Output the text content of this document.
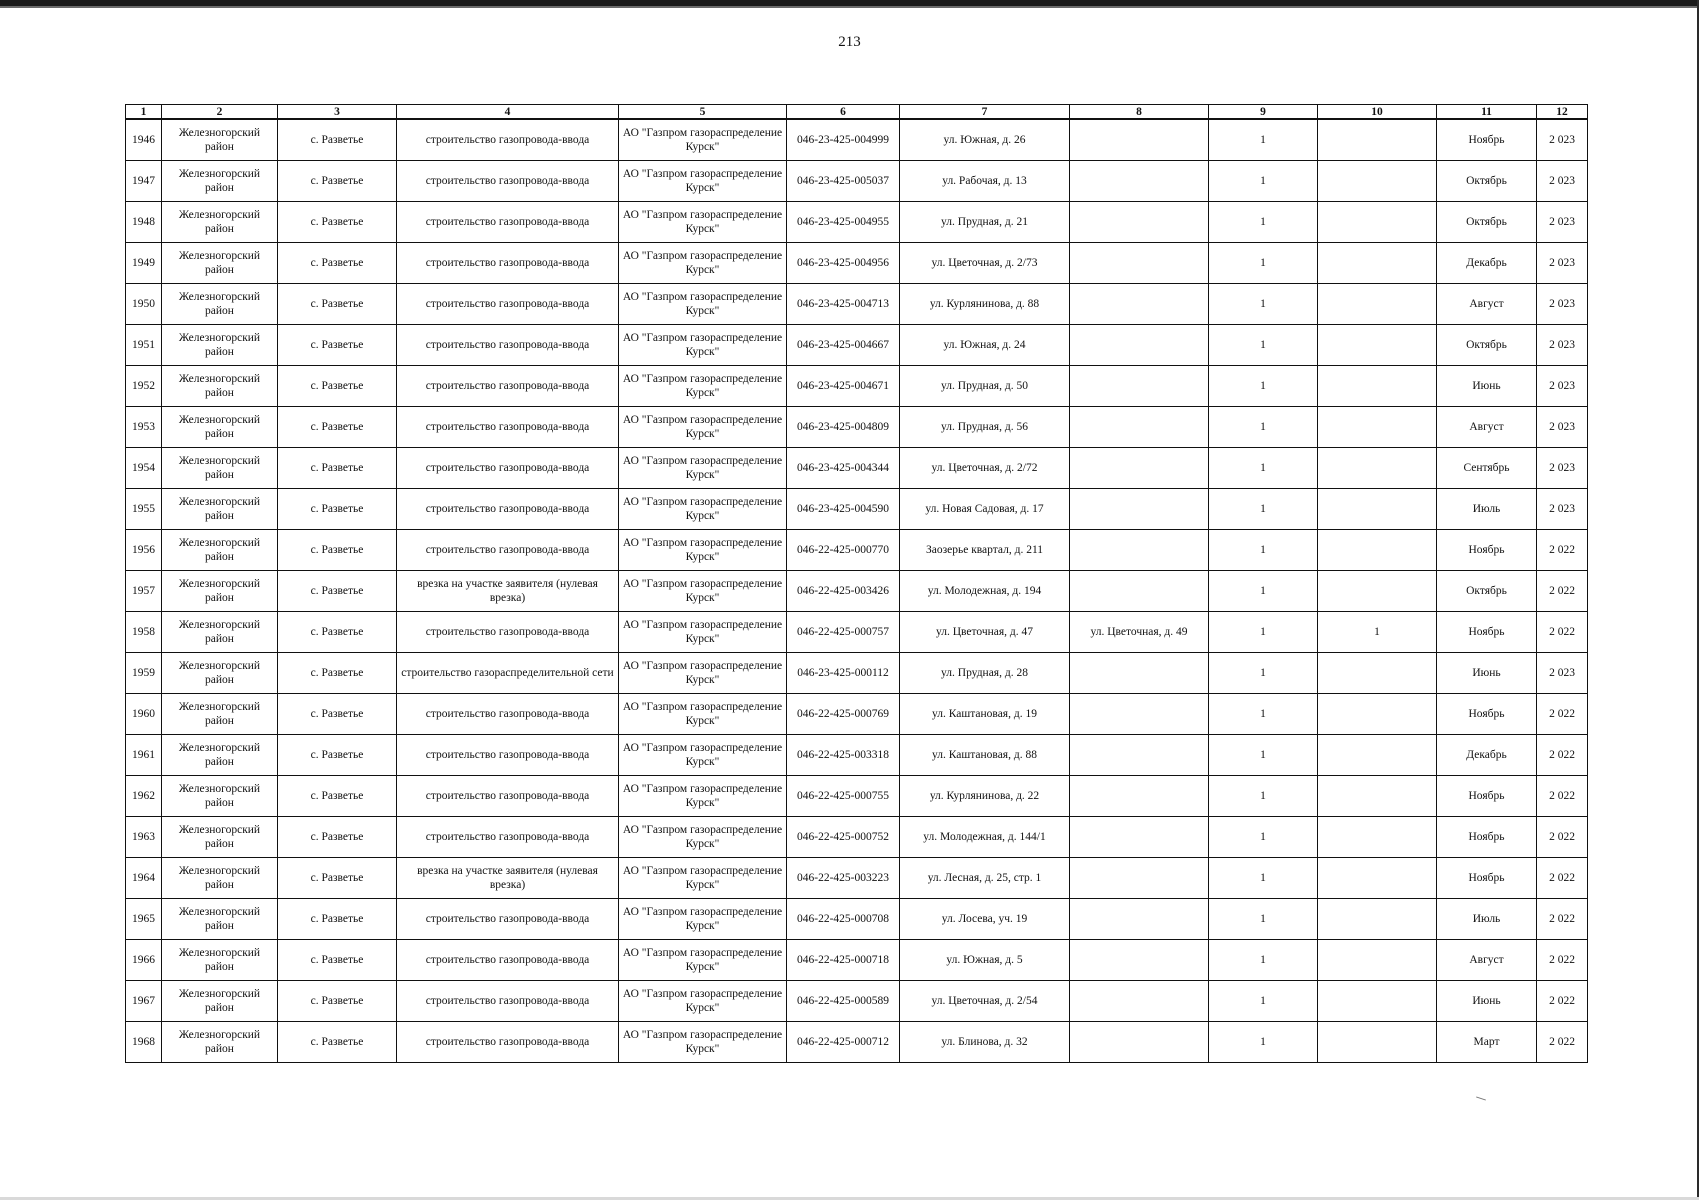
213
1	2	3	4	5	6	7	8	9	10	11	12
1946	Железногорский район	с. Разветье	строительство газопровода-ввода	АО "Газпром газораспределение Курск"	046-23-425-004999	ул. Южная, д. 26		1		Ноябрь	2 023
1947	Железногорский район	с. Разветье	строительство газопровода-ввода	АО "Газпром газораспределение Курск"	046-23-425-005037	ул. Рабочая, д. 13		1		Октябрь	2 023
1948	Железногорский район	с. Разветье	строительство газопровода-ввода	АО "Газпром газораспределение Курск"	046-23-425-004955	ул. Прудная, д. 21		1		Октябрь	2 023
1949	Железногорский район	с. Разветье	строительство газопровода-ввода	АО "Газпром газораспределение Курск"	046-23-425-004956	ул. Цветочная, д. 2/73		1		Декабрь	2 023
1950	Железногорский район	с. Разветье	строительство газопровода-ввода	АО "Газпром газораспределение Курск"	046-23-425-004713	ул. Курлянинова, д. 88		1		Август	2 023
1951	Железногорский район	с. Разветье	строительство газопровода-ввода	АО "Газпром газораспределение Курск"	046-23-425-004667	ул. Южная, д. 24		1		Октябрь	2 023
1952	Железногорский район	с. Разветье	строительство газопровода-ввода	АО "Газпром газораспределение Курск"	046-23-425-004671	ул. Прудная, д. 50		1		Июнь	2 023
1953	Железногорский район	с. Разветье	строительство газопровода-ввода	АО "Газпром газораспределение Курск"	046-23-425-004809	ул. Прудная, д. 56		1		Август	2 023
1954	Железногорский район	с. Разветье	строительство газопровода-ввода	АО "Газпром газораспределение Курск"	046-23-425-004344	ул. Цветочная, д. 2/72		1		Сентябрь	2 023
1955	Железногорский район	с. Разветье	строительство газопровода-ввода	АО "Газпром газораспределение Курск"	046-23-425-004590	ул. Новая Садовая, д. 17		1		Июль	2 023
1956	Железногорский район	с. Разветье	строительство газопровода-ввода	АО "Газпром газораспределение Курск"	046-22-425-000770	Заозерье квартал, д. 211		1		Ноябрь	2 022
1957	Железногорский район	с. Разветье	врезка на участке заявителя (нулевая врезка)	АО "Газпром газораспределение Курск"	046-22-425-003426	ул. Молодежная, д. 194		1		Октябрь	2 022
1958	Железногорский район	с. Разветье	строительство газопровода-ввода	АО "Газпром газораспределение Курск"	046-22-425-000757	ул. Цветочная, д. 47	ул. Цветочная, д. 49	1	1	Ноябрь	2 022
1959	Железногорский район	с. Разветье	строительство газораспределительной сети	АО "Газпром газораспределение Курск"	046-23-425-000112	ул. Прудная, д. 28		1		Июнь	2 023
1960	Железногорский район	с. Разветье	строительство газопровода-ввода	АО "Газпром газораспределение Курск"	046-22-425-000769	ул. Каштановая, д. 19		1		Ноябрь	2 022
1961	Железногорский район	с. Разветье	строительство газопровода-ввода	АО "Газпром газораспределение Курск"	046-22-425-003318	ул. Каштановая, д. 88		1		Декабрь	2 022
1962	Железногорский район	с. Разветье	строительство газопровода-ввода	АО "Газпром газораспределение Курск"	046-22-425-000755	ул. Курлянинова, д. 22		1		Ноябрь	2 022
1963	Железногорский район	с. Разветье	строительство газопровода-ввода	АО "Газпром газораспределение Курск"	046-22-425-000752	ул. Молодежная, д. 144/1		1		Ноябрь	2 022
1964	Железногорский район	с. Разветье	врезка на участке заявителя (нулевая врезка)	АО "Газпром газораспределение Курск"	046-22-425-003223	ул. Лесная, д. 25, стр. 1		1		Ноябрь	2 022
1965	Железногорский район	с. Разветье	строительство газопровода-ввода	АО "Газпром газораспределение Курск"	046-22-425-000708	ул. Лосева, уч. 19		1		Июль	2 022
1966	Железногорский район	с. Разветье	строительство газопровода-ввода	АО "Газпром газораспределение Курск"	046-22-425-000718	ул. Южная, д. 5		1		Август	2 022
1967	Железногорский район	с. Разветье	строительство газопровода-ввода	АО "Газпром газораспределение Курск"	046-22-425-000589	ул. Цветочная, д. 2/54		1		Июнь	2 022
1968	Железногорский район	с. Разветье	строительство газопровода-ввода	АО "Газпром газораспределение Курск"	046-22-425-000712	ул. Блинова, д. 32		1		Март	2 022
